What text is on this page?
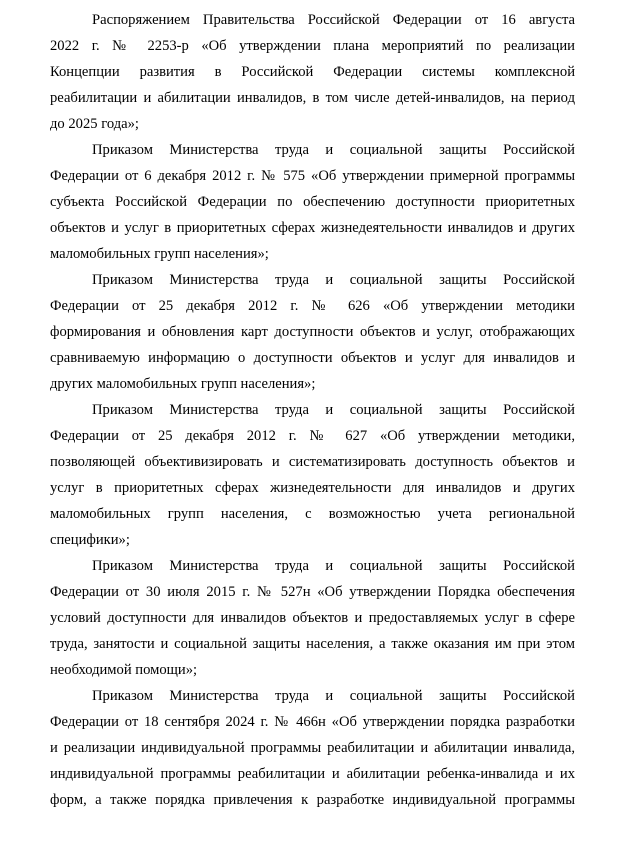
Распоряжением Правительства Российской Федерации от 16 августа
2022 г. № 2253-р «Об утверждении плана мероприятий по реализации
Концепции развития в Российской Федерации системы комплексной
реабилитации и абилитации инвалидов, в том числе детей-инвалидов, на период
до 2025 года»;
Приказом Министерства труда и социальной защиты Российской
Федерации от 6 декабря 2012 г. № 575 «Об утверждении примерной программы
субъекта Российской Федерации по обеспечению доступности приоритетных
объектов и услуг в приоритетных сферах жизнедеятельности инвалидов и других
маломобильных групп населения»;
Приказом Министерства труда и социальной защиты Российской
Федерации от 25 декабря 2012 г. № 626 «Об утверждении методики
формирования и обновления карт доступности объектов и услуг, отображающих
сравниваемую информацию о доступности объектов и услуг для инвалидов и
других маломобильных групп населения»;
Приказом Министерства труда и социальной защиты Российской
Федерации от 25 декабря 2012 г. № 627 «Об утверждении методики,
позволяющей объективизировать и систематизировать доступность объектов и
услуг в приоритетных сферах жизнедеятельности для инвалидов и других
маломобильных групп населения, с возможностью учета региональной
специфики»;
Приказом Министерства труда и социальной защиты Российской
Федерации от 30 июля 2015 г. № 527н «Об утверждении Порядка обеспечения
условий доступности для инвалидов объектов и предоставляемых услуг в сфере
труда, занятости и социальной защиты населения, а также оказания им при этом
необходимой помощи»;
Приказом Министерства труда и социальной защиты Российской
Федерации от 18 сентября 2024 г. № 466н «Об утверждении порядка разработки
и реализации индивидуальной программы реабилитации и абилитации инвалида,
индивидуальной программы реабилитации и абилитации ребенка-инвалида и их
форм, а также порядка привлечения к разработке индивидуальной программы
